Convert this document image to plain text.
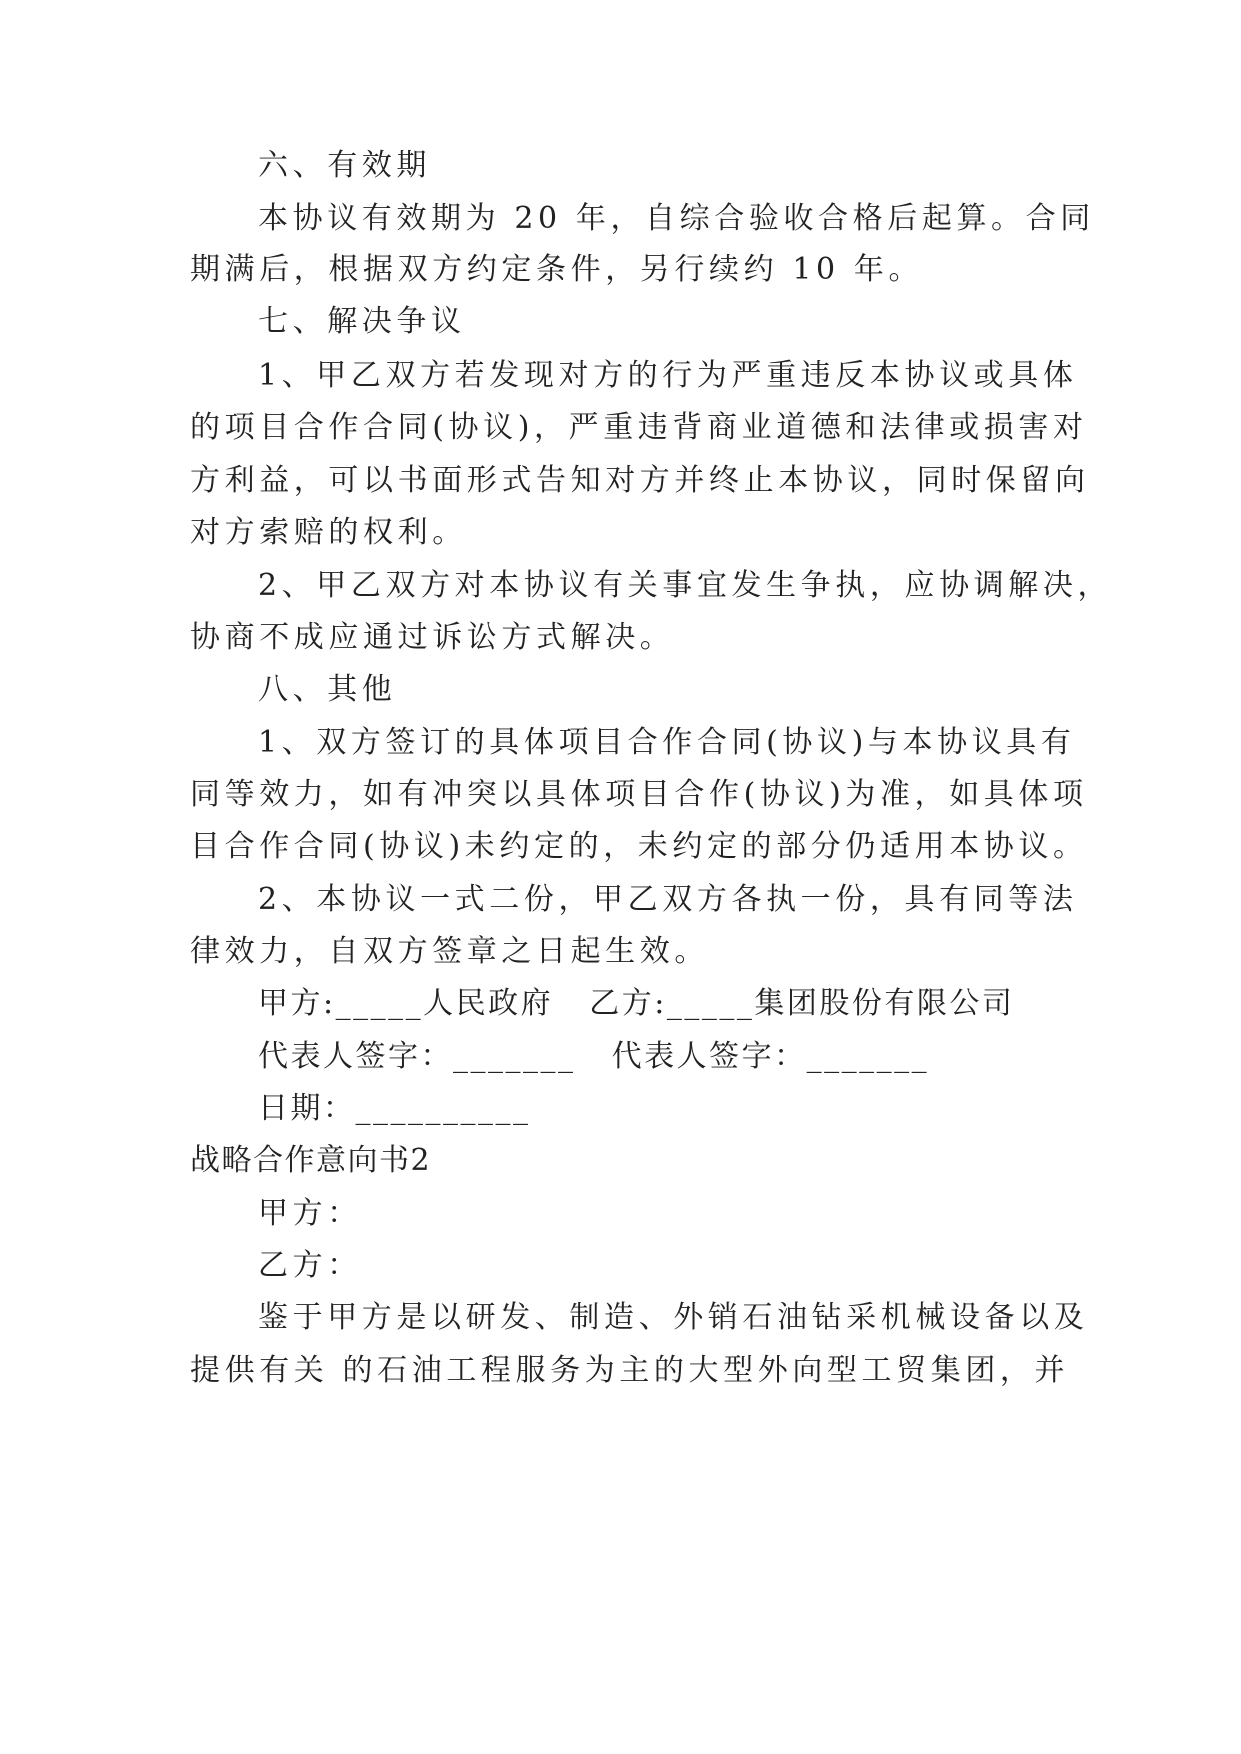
六、有效期
本协议有效期为 20 年，自综合验收合格后起算。合同
期满后，根据双方约定条件，另行续约 10 年。
七、解决争议
1、甲乙双方若发现对方的行为严重违反本协议或具体
的项目合作合同(协议)，严重违背商业道德和法律或损害对
方利益，可以书面形式告知对方并终止本协议，同时保留向
对方索赔的权利。
2、甲乙双方对本协议有关事宜发生争执，应协调解决，
协商不成应通过诉讼方式解决。
八、其他
1、双方签订的具体项目合作合同(协议)与本协议具有
同等效力，如有冲突以具体项目合作(协议)为准，如具体项
目合作合同(协议)未约定的，未约定的部分仍适用本协议。
2、本协议一式二份，甲乙双方各执一份，具有同等法
律效力，自双方签章之日起生效。
甲方:_____人民政府   乙方:_____集团股份有限公司
代表人签字：_______   代表人签字：_______
日期：__________
战略合作意向书2
甲方：
乙方：
鉴于甲方是以研发、制造、外销石油钻采机械设备以及
提供有关 的石油工程服务为主的大型外向型工贸集团，并
